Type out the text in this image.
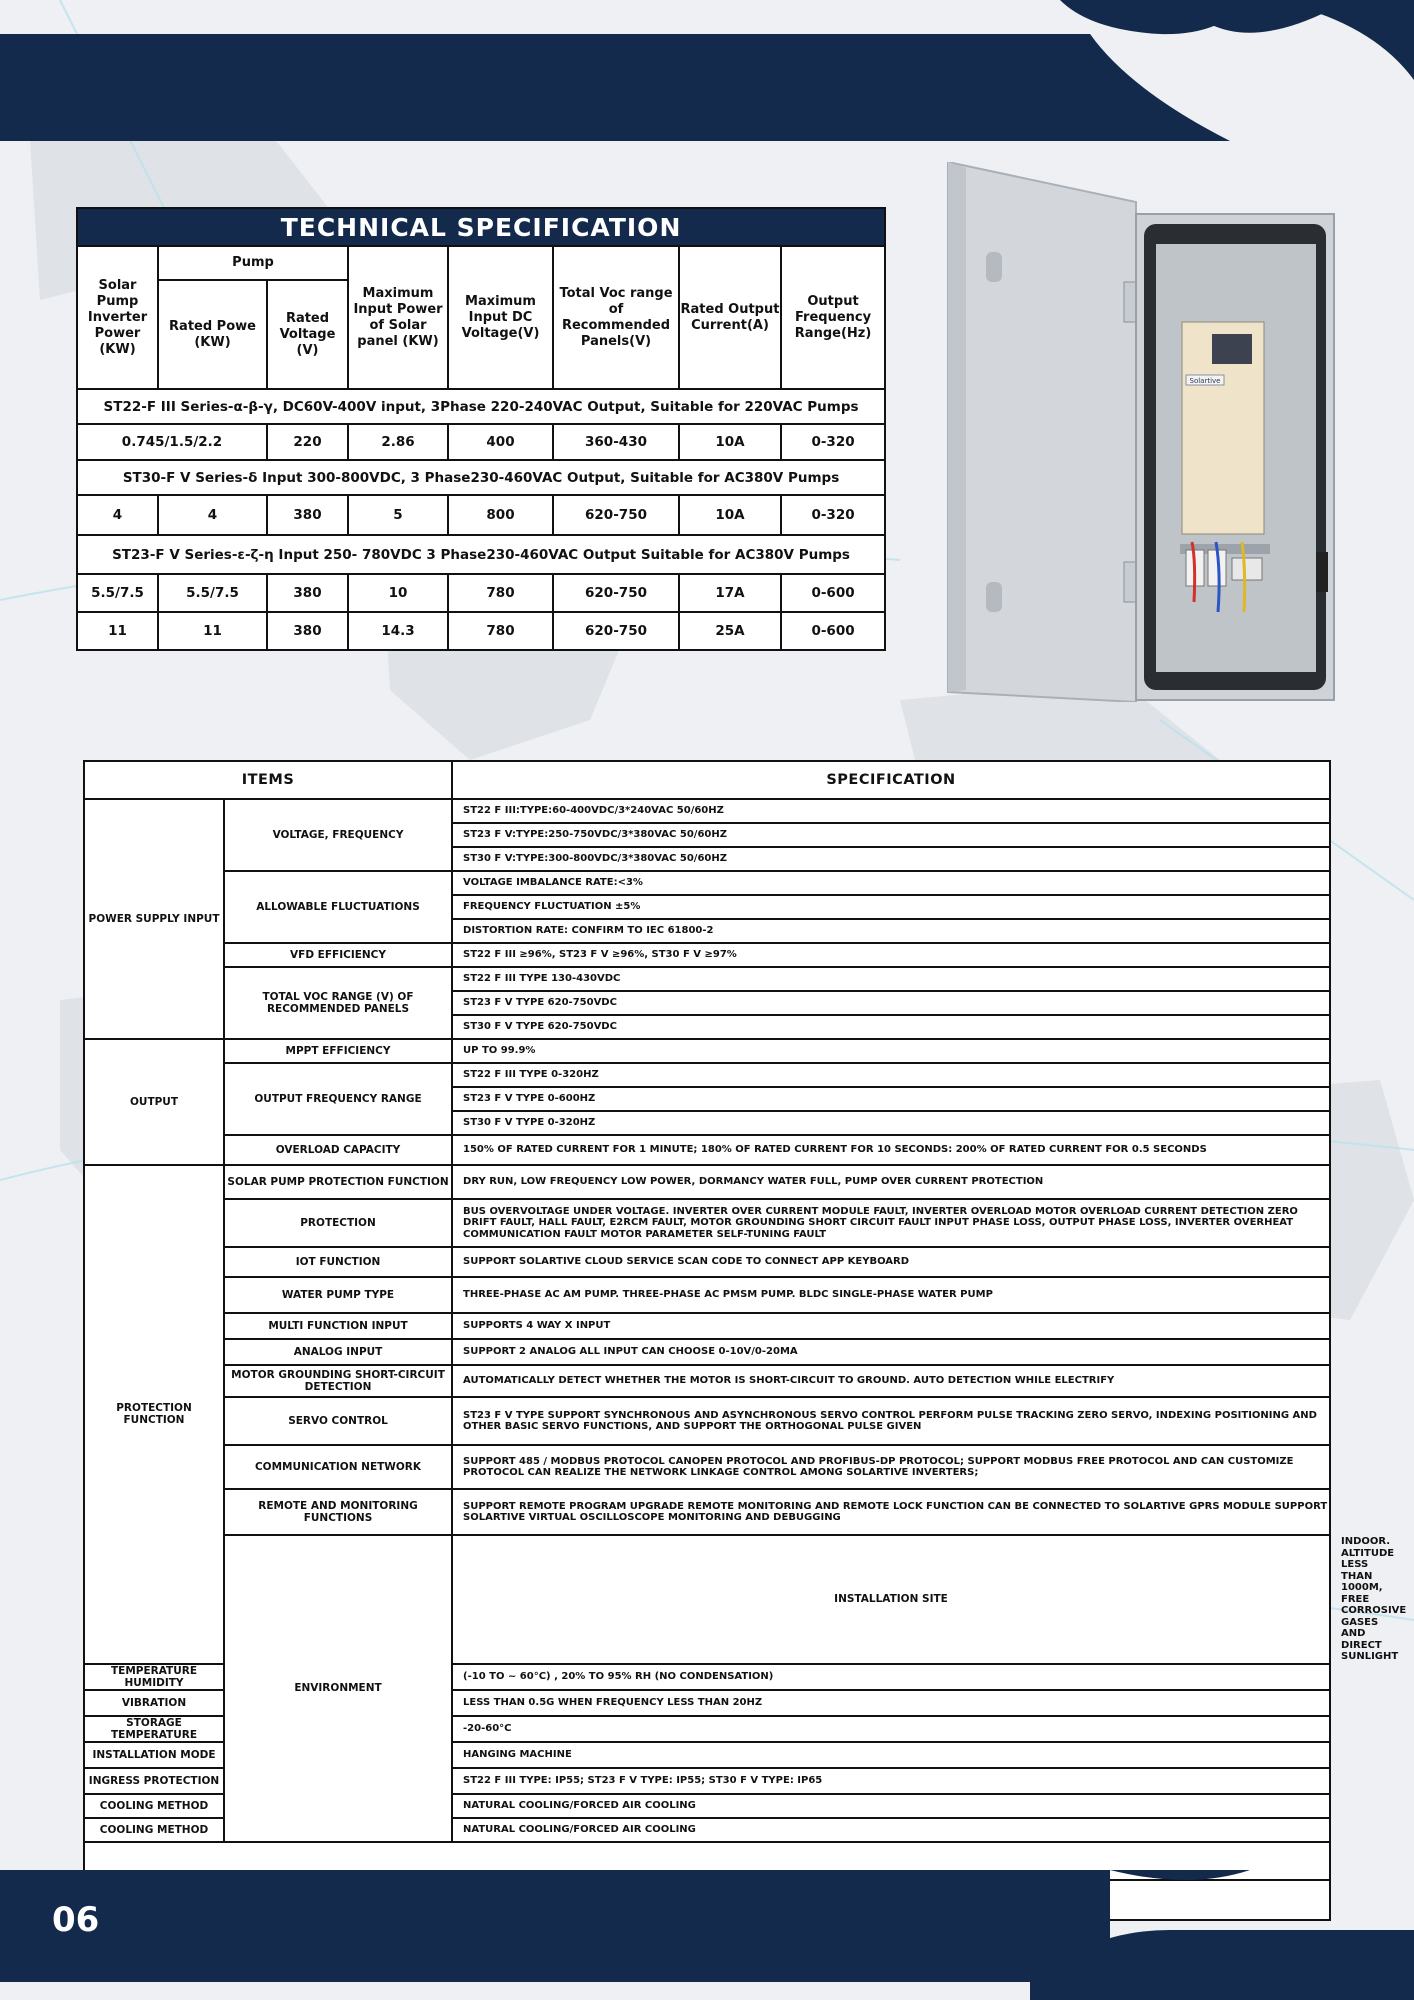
TECHNICAL SPECIFICATION							
Solar Pump Inverter Power (KW)	Pump		Maximum Input Power of Solar panel (KW)	Maximum Input DC Voltage(V)	Total Voc range of Recommended Panels(V)	Rated Output Current(A)	Output Frequency Range(Hz)
	Rated Powe (KW)	Rated Voltage (V)					
ST22-F III Series-α-β-γ, DC60V-400V input, 3Phase 220-240VAC Output, Suitable for 220VAC Pumps							
0.745/1.5/2.2		220	2.86	400	360-430	10A	0-320
ST30-F V Series-δ Input 300-800VDC, 3 Phase230-460VAC Output, Suitable for AC380V Pumps							
4	4	380	5	800	620-750	10A	0-320
ST23-F V Series-ε-ζ-η Input 250- 780VDC 3 Phase230-460VAC Output Suitable for AC380V Pumps							
5.5/7.5	5.5/7.5	380	10	780	620-750	17A	0-600
11	11	380	14.3	780	620-750	25A	0-600
Solartive
ITEMS		SPECIFICATION	
POWER SUPPLY INPUT	VOLTAGE, FREQUENCY	ST22 F III:TYPE:60-400VDC/3*240VAC 50/60HZ	
		ST23 F V:TYPE:250-750VDC/3*380VAC 50/60HZ	
		ST30 F V:TYPE:300-800VDC/3*380VAC 50/60HZ	
	ALLOWABLE FLUCTUATIONS	VOLTAGE IMBALANCE RATE:<3%	
		FREQUENCY FLUCTUATION ±5%	
		DISTORTION RATE: CONFIRM TO IEC 61800-2	
	VFD EFFICIENCY	ST22 F III ≥96%, ST23 F V ≥96%, ST30 F V ≥97%	
	TOTAL VOC RANGE (V) OF RECOMMENDED PANELS	ST22 F III TYPE 130-430VDC	
		ST23 F V TYPE 620-750VDC	
		ST30 F V TYPE 620-750VDC	
OUTPUT	MPPT EFFICIENCY	UP TO 99.9%	
	OUTPUT FREQUENCY RANGE	ST22 F III TYPE 0-320HZ	
		ST23 F V TYPE 0-600HZ	
		ST30 F V TYPE 0-320HZ	
	OVERLOAD CAPACITY	150% OF RATED CURRENT FOR 1 MINUTE; 180% OF RATED CURRENT FOR 10 SECONDS: 200% OF RATED CURRENT FOR 0.5 SECONDS	
PROTECTION FUNCTION	SOLAR PUMP PROTECTION FUNCTION	DRY RUN, LOW FREQUENCY LOW POWER, DORMANCY WATER FULL, PUMP OVER CURRENT PROTECTION	
	PROTECTION	BUS OVERVOLTAGE UNDER VOLTAGE. INVERTER OVER CURRENT MODULE FAULT, INVERTER OVERLOAD MOTOR OVERLOAD CURRENT DETECTION ZERO DRIFT FAULT, HALL FAULT, E2RCM FAULT, MOTOR GROUNDING SHORT CIRCUIT FAULT INPUT PHASE LOSS, OUTPUT PHASE LOSS, INVERTER OVERHEAT COMMUNICATION FAULT MOTOR PARAMETER SELF-TUNING FAULT	
	IOT FUNCTION	SUPPORT SOLARTIVE CLOUD SERVICE SCAN CODE TO CONNECT APP KEYBOARD	
	WATER PUMP TYPE	THREE-PHASE AC AM PUMP. THREE-PHASE AC PMSM PUMP. BLDC SINGLE-PHASE WATER PUMP	
	MULTI FUNCTION INPUT	SUPPORTS 4 WAY X INPUT	
	ANALOG INPUT	SUPPORT 2 ANALOG ALL INPUT CAN CHOOSE 0-10V/0-20MA	
	MOTOR GROUNDING SHORT-CIRCUIT DETECTION	AUTOMATICALLY DETECT WHETHER THE MOTOR IS SHORT-CIRCUIT TO GROUND. AUTO DETECTION WHILE ELECTRIFY	
	SERVO CONTROL	ST23 F V TYPE SUPPORT SYNCHRONOUS AND ASYNCHRONOUS SERVO CONTROL PERFORM PULSE TRACKING ZERO SERVO, INDEXING POSITIONING AND OTHER BASIC SERVO FUNCTIONS, AND SUPPORT THE ORTHOGONAL PULSE GIVEN	
	COMMUNICATION NETWORK	SUPPORT 485 / MODBUS PROTOCOL CANOPEN PROTOCOL AND PROFIBUS-DP PROTOCOL; SUPPORT MODBUS FREE PROTOCOL AND CAN CUSTOMIZE PROTOCOL CAN REALIZE THE NETWORK LINKAGE CONTROL AMONG SOLARTIVE INVERTERS;	
	REMOTE AND MONITORING FUNCTIONS	SUPPORT REMOTE PROGRAM UPGRADE REMOTE MONITORING AND REMOTE LOCK FUNCTION CAN BE CONNECTED TO SOLARTIVE GPRS MODULE SUPPORT SOLARTIVE VIRTUAL OSCILLOSCOPE MONITORING AND DEBUGGING	
	ENVIRONMENT	INSTALLATION SITE	INDOOR. ALTITUDE LESS THAN 1000M, FREE CORROSIVE GASES AND DIRECT SUNLIGHT
TEMPERATURE HUMIDITY		(-10 TO ~ 60°C) , 20% TO 95% RH (NO CONDENSATION)	
VIBRATION		LESS THAN 0.5G WHEN FREQUENCY LESS THAN 20HZ	
STORAGE TEMPERATURE		-20-60°C	
INSTALLATION MODE		HANGING MACHINE	
INGRESS PROTECTION		ST22 F III TYPE: IP55; ST23 F V TYPE: IP55; ST30 F V TYPE: IP65	
COOLING METHOD		NATURAL COOLING/FORCED AIR COOLING	
COOLING METHOD		NATURAL COOLING/FORCED AIR COOLING	

06
